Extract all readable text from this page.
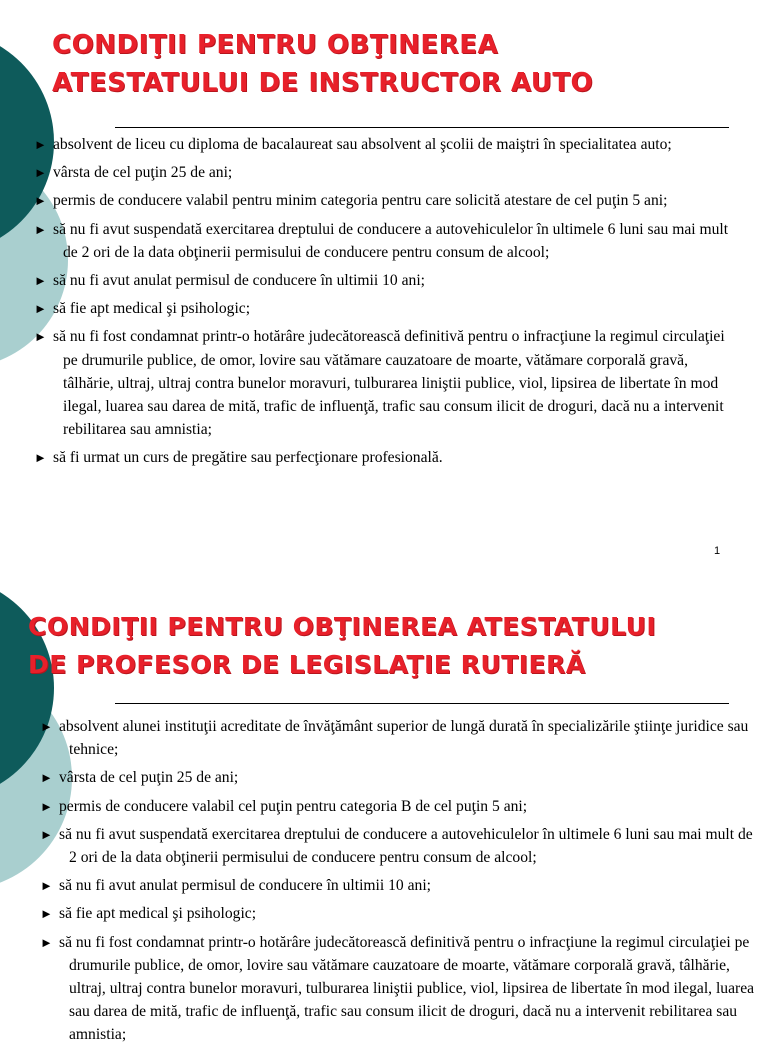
CONDIŢII PENTRU OBŢINEREA
ATESTATULUI DE INSTRUCTOR AUTO
► absolvent de liceu cu diploma de bacalaureat sau absolvent al şcolii de maiştri în specialitatea auto;
► vârsta de cel puţin 25 de ani;
► permis de conducere valabil pentru minim categoria pentru care solicită atestare de cel puţin 5 ani;
► să nu fi avut suspendată exercitarea dreptului de conducere a autovehiculelor în ultimele 6 luni sau mai mult de 2 ori de la data obţinerii permisului de conducere pentru consum de alcool;
► să nu fi avut anulat permisul de conducere în ultimii 10 ani;
► să fie apt medical şi psihologic;
► să nu fi fost condamnat printr-o hotărâre judecătorească definitivă pentru o infracţiune la regimul circulaţiei pe drumurile publice, de omor, lovire sau vătămare cauzatoare de moarte, vătămare corporală gravă, tâlhărie, ultraj, ultraj contra bunelor moravuri, tulburarea liniştii publice, viol, lipsirea de libertate în mod ilegal, luarea sau darea de mită, trafic de influenţă, trafic sau consum ilicit de droguri, dacă nu a intervenit rebilitarea sau amnistia;
► să fi urmat un curs de pregătire sau perfecţionare profesională.
1
CONDIŢII PENTRU OBŢINEREA ATESTATULUI
DE PROFESOR DE LEGISLAŢIE RUTIERĂ
► absolvent alunei instituţii acreditate de învăţământ superior de lungă durată în specializările ştiinţe juridice sau tehnice;
► vârsta de cel puţin 25 de ani;
► permis de conducere valabil cel puţin pentru categoria B de cel puţin 5 ani;
► să nu fi avut suspendată exercitarea dreptului de conducere a autovehiculelor în ultimele 6 luni sau mai mult de 2 ori de la data obţinerii permisului de conducere pentru consum de alcool;
► să nu fi avut anulat permisul de conducere în ultimii 10 ani;
► să fie apt medical şi psihologic;
► să nu fi fost condamnat printr-o hotărâre judecătorească definitivă pentru o infracţiune la regimul circulaţiei pe drumurile publice, de omor, lovire sau vătămare cauzatoare de moarte, vătămare corporală gravă, tâlhărie, ultraj, ultraj contra bunelor moravuri, tulburarea liniştii publice, viol, lipsirea de libertate în mod ilegal, luarea sau darea de mită, trafic de influenţă, trafic sau consum ilicit de droguri, dacă nu a intervenit rebilitarea sau amnistia;
